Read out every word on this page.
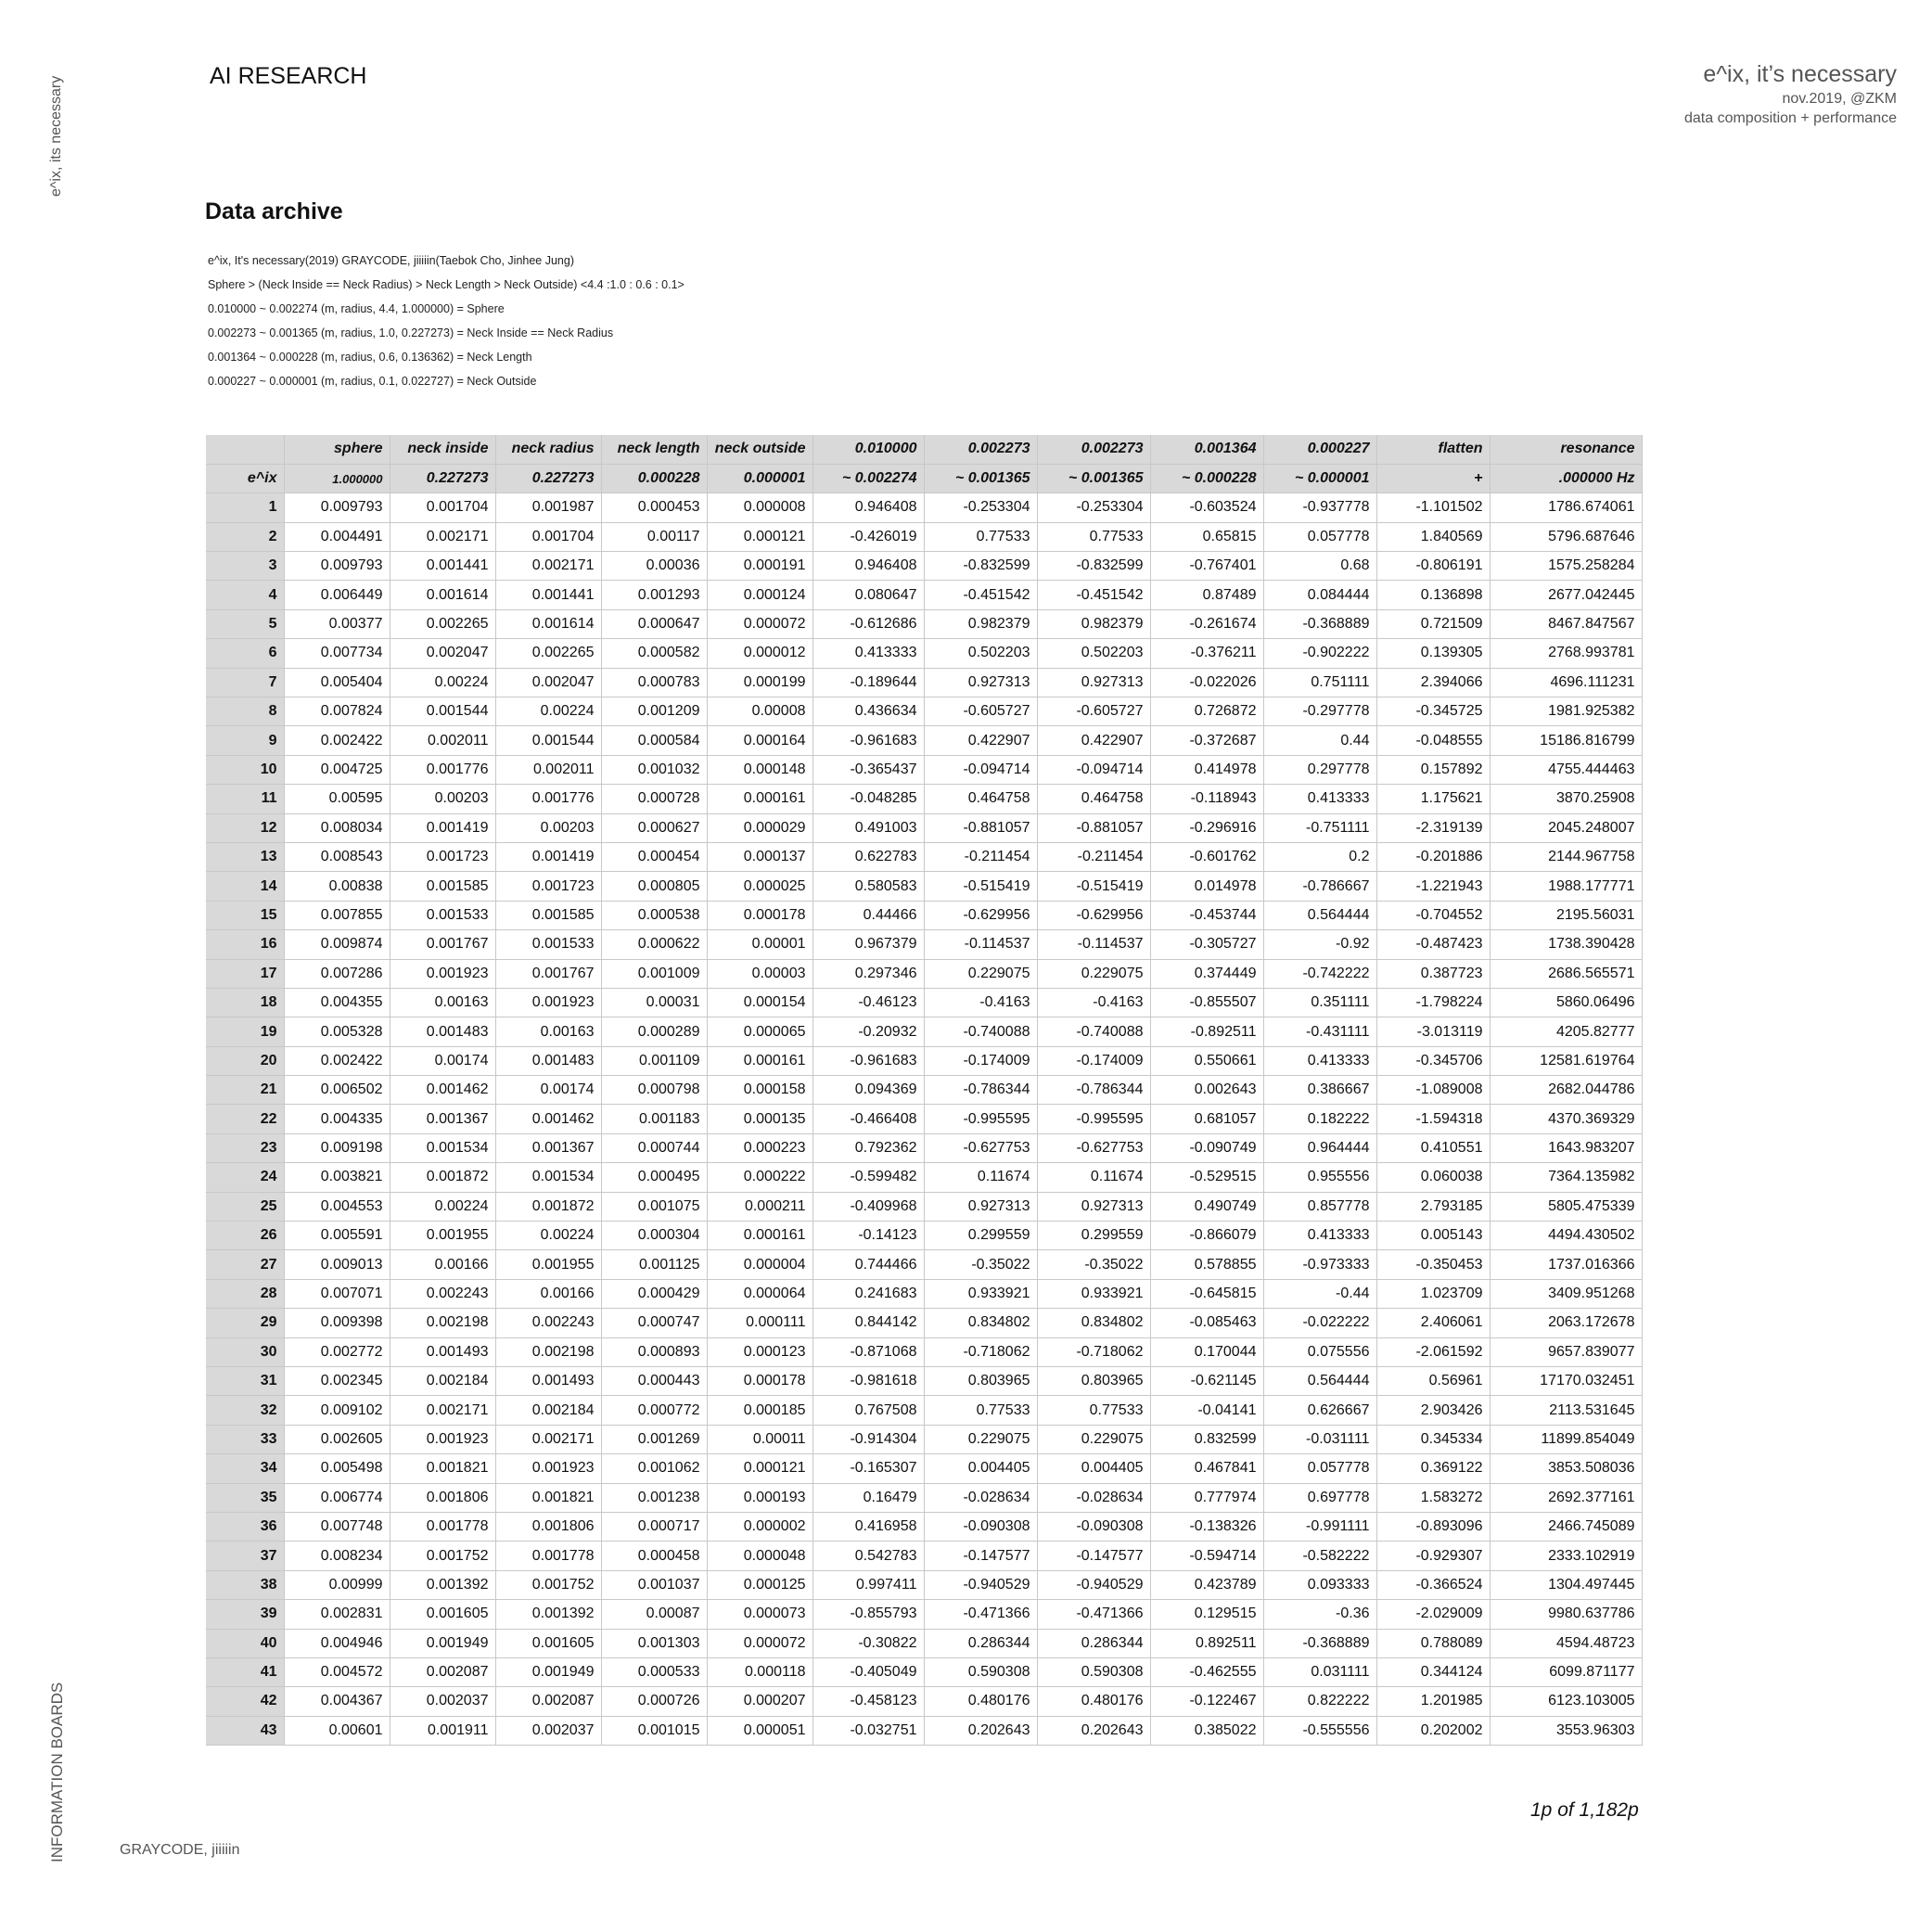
e^ix, its necessary
INFORMATION BOARDS
AI RESEARCH	e^ix, it’s necessary
nov.2019, @ZKM
data composition + performance
Data archive
e^ix, It's necessary(2019) GRAYCODE, jiiiiin(Taebok Cho, Jinhee Jung)
Sphere > (Neck Inside == Neck Radius) > Neck Length > Neck Outside) <4.4 :1.0 : 0.6 : 0.1>
0.010000 ~ 0.002274 (m, radius, 4.4, 1.000000) = Sphere
0.002273 ~ 0.001365 (m, radius, 1.0, 0.227273) = Neck Inside == Neck Radius
0.001364 ~ 0.000228 (m, radius, 0.6, 0.136362) = Neck Length
0.000227 ~ 0.000001 (m, radius, 0.1, 0.022727) = Neck Outside
	sphere	neck inside	neck radius	neck length	neck outside	0.010000	0.002273	0.002273	0.001364	0.000227	flatten	resonance
e^ix	1.000000	0.227273	0.227273	0.000228	0.000001	~ 0.002274	~ 0.001365	~ 0.001365	~ 0.000228	~ 0.000001	+	.000000 Hz
1	0.009793	0.001704	0.001987	0.000453	0.000008	0.946408	-0.253304	-0.253304	-0.603524	-0.937778	-1.101502	1786.674061
2	0.004491	0.002171	0.001704	0.00117	0.000121	-0.426019	0.77533	0.77533	0.65815	0.057778	1.840569	5796.687646
3	0.009793	0.001441	0.002171	0.00036	0.000191	0.946408	-0.832599	-0.832599	-0.767401	0.68	-0.806191	1575.258284
4	0.006449	0.001614	0.001441	0.001293	0.000124	0.080647	-0.451542	-0.451542	0.87489	0.084444	0.136898	2677.042445
5	0.00377	0.002265	0.001614	0.000647	0.000072	-0.612686	0.982379	0.982379	-0.261674	-0.368889	0.721509	8467.847567
6	0.007734	0.002047	0.002265	0.000582	0.000012	0.413333	0.502203	0.502203	-0.376211	-0.902222	0.139305	2768.993781
7	0.005404	0.00224	0.002047	0.000783	0.000199	-0.189644	0.927313	0.927313	-0.022026	0.751111	2.394066	4696.111231
8	0.007824	0.001544	0.00224	0.001209	0.00008	0.436634	-0.605727	-0.605727	0.726872	-0.297778	-0.345725	1981.925382
9	0.002422	0.002011	0.001544	0.000584	0.000164	-0.961683	0.422907	0.422907	-0.372687	0.44	-0.048555	15186.816799
10	0.004725	0.001776	0.002011	0.001032	0.000148	-0.365437	-0.094714	-0.094714	0.414978	0.297778	0.157892	4755.444463
11	0.00595	0.00203	0.001776	0.000728	0.000161	-0.048285	0.464758	0.464758	-0.118943	0.413333	1.175621	3870.25908
12	0.008034	0.001419	0.00203	0.000627	0.000029	0.491003	-0.881057	-0.881057	-0.296916	-0.751111	-2.319139	2045.248007
13	0.008543	0.001723	0.001419	0.000454	0.000137	0.622783	-0.211454	-0.211454	-0.601762	0.2	-0.201886	2144.967758
14	0.00838	0.001585	0.001723	0.000805	0.000025	0.580583	-0.515419	-0.515419	0.014978	-0.786667	-1.221943	1988.177771
15	0.007855	0.001533	0.001585	0.000538	0.000178	0.44466	-0.629956	-0.629956	-0.453744	0.564444	-0.704552	2195.56031
16	0.009874	0.001767	0.001533	0.000622	0.00001	0.967379	-0.114537	-0.114537	-0.305727	-0.92	-0.487423	1738.390428
17	0.007286	0.001923	0.001767	0.001009	0.00003	0.297346	0.229075	0.229075	0.374449	-0.742222	0.387723	2686.565571
18	0.004355	0.00163	0.001923	0.00031	0.000154	-0.46123	-0.4163	-0.4163	-0.855507	0.351111	-1.798224	5860.06496
19	0.005328	0.001483	0.00163	0.000289	0.000065	-0.20932	-0.740088	-0.740088	-0.892511	-0.431111	-3.013119	4205.82777
20	0.002422	0.00174	0.001483	0.001109	0.000161	-0.961683	-0.174009	-0.174009	0.550661	0.413333	-0.345706	12581.619764
21	0.006502	0.001462	0.00174	0.000798	0.000158	0.094369	-0.786344	-0.786344	0.002643	0.386667	-1.089008	2682.044786
22	0.004335	0.001367	0.001462	0.001183	0.000135	-0.466408	-0.995595	-0.995595	0.681057	0.182222	-1.594318	4370.369329
23	0.009198	0.001534	0.001367	0.000744	0.000223	0.792362	-0.627753	-0.627753	-0.090749	0.964444	0.410551	1643.983207
24	0.003821	0.001872	0.001534	0.000495	0.000222	-0.599482	0.11674	0.11674	-0.529515	0.955556	0.060038	7364.135982
25	0.004553	0.00224	0.001872	0.001075	0.000211	-0.409968	0.927313	0.927313	0.490749	0.857778	2.793185	5805.475339
26	0.005591	0.001955	0.00224	0.000304	0.000161	-0.14123	0.299559	0.299559	-0.866079	0.413333	0.005143	4494.430502
27	0.009013	0.00166	0.001955	0.001125	0.000004	0.744466	-0.35022	-0.35022	0.578855	-0.973333	-0.350453	1737.016366
28	0.007071	0.002243	0.00166	0.000429	0.000064	0.241683	0.933921	0.933921	-0.645815	-0.44	1.023709	3409.951268
29	0.009398	0.002198	0.002243	0.000747	0.000111	0.844142	0.834802	0.834802	-0.085463	-0.022222	2.406061	2063.172678
30	0.002772	0.001493	0.002198	0.000893	0.000123	-0.871068	-0.718062	-0.718062	0.170044	0.075556	-2.061592	9657.839077
31	0.002345	0.002184	0.001493	0.000443	0.000178	-0.981618	0.803965	0.803965	-0.621145	0.564444	0.56961	17170.032451
32	0.009102	0.002171	0.002184	0.000772	0.000185	0.767508	0.77533	0.77533	-0.04141	0.626667	2.903426	2113.531645
33	0.002605	0.001923	0.002171	0.001269	0.00011	-0.914304	0.229075	0.229075	0.832599	-0.031111	0.345334	11899.854049
34	0.005498	0.001821	0.001923	0.001062	0.000121	-0.165307	0.004405	0.004405	0.467841	0.057778	0.369122	3853.508036
35	0.006774	0.001806	0.001821	0.001238	0.000193	0.16479	-0.028634	-0.028634	0.777974	0.697778	1.583272	2692.377161
36	0.007748	0.001778	0.001806	0.000717	0.000002	0.416958	-0.090308	-0.090308	-0.138326	-0.991111	-0.893096	2466.745089
37	0.008234	0.001752	0.001778	0.000458	0.000048	0.542783	-0.147577	-0.147577	-0.594714	-0.582222	-0.929307	2333.102919
38	0.00999	0.001392	0.001752	0.001037	0.000125	0.997411	-0.940529	-0.940529	0.423789	0.093333	-0.366524	1304.497445
39	0.002831	0.001605	0.001392	0.00087	0.000073	-0.855793	-0.471366	-0.471366	0.129515	-0.36	-2.029009	9980.637786
40	0.004946	0.001949	0.001605	0.001303	0.000072	-0.30822	0.286344	0.286344	0.892511	-0.368889	0.788089	4594.48723
41	0.004572	0.002087	0.001949	0.000533	0.000118	-0.405049	0.590308	0.590308	-0.462555	0.031111	0.344124	6099.871177
42	0.004367	0.002037	0.002087	0.000726	0.000207	-0.458123	0.480176	0.480176	-0.122467	0.822222	1.201985	6123.103005
43	0.00601	0.001911	0.002037	0.001015	0.000051	-0.032751	0.202643	0.202643	0.385022	-0.555556	0.202002	3553.96303
1p of 1,182p
GRAYCODE, jiiiiin
